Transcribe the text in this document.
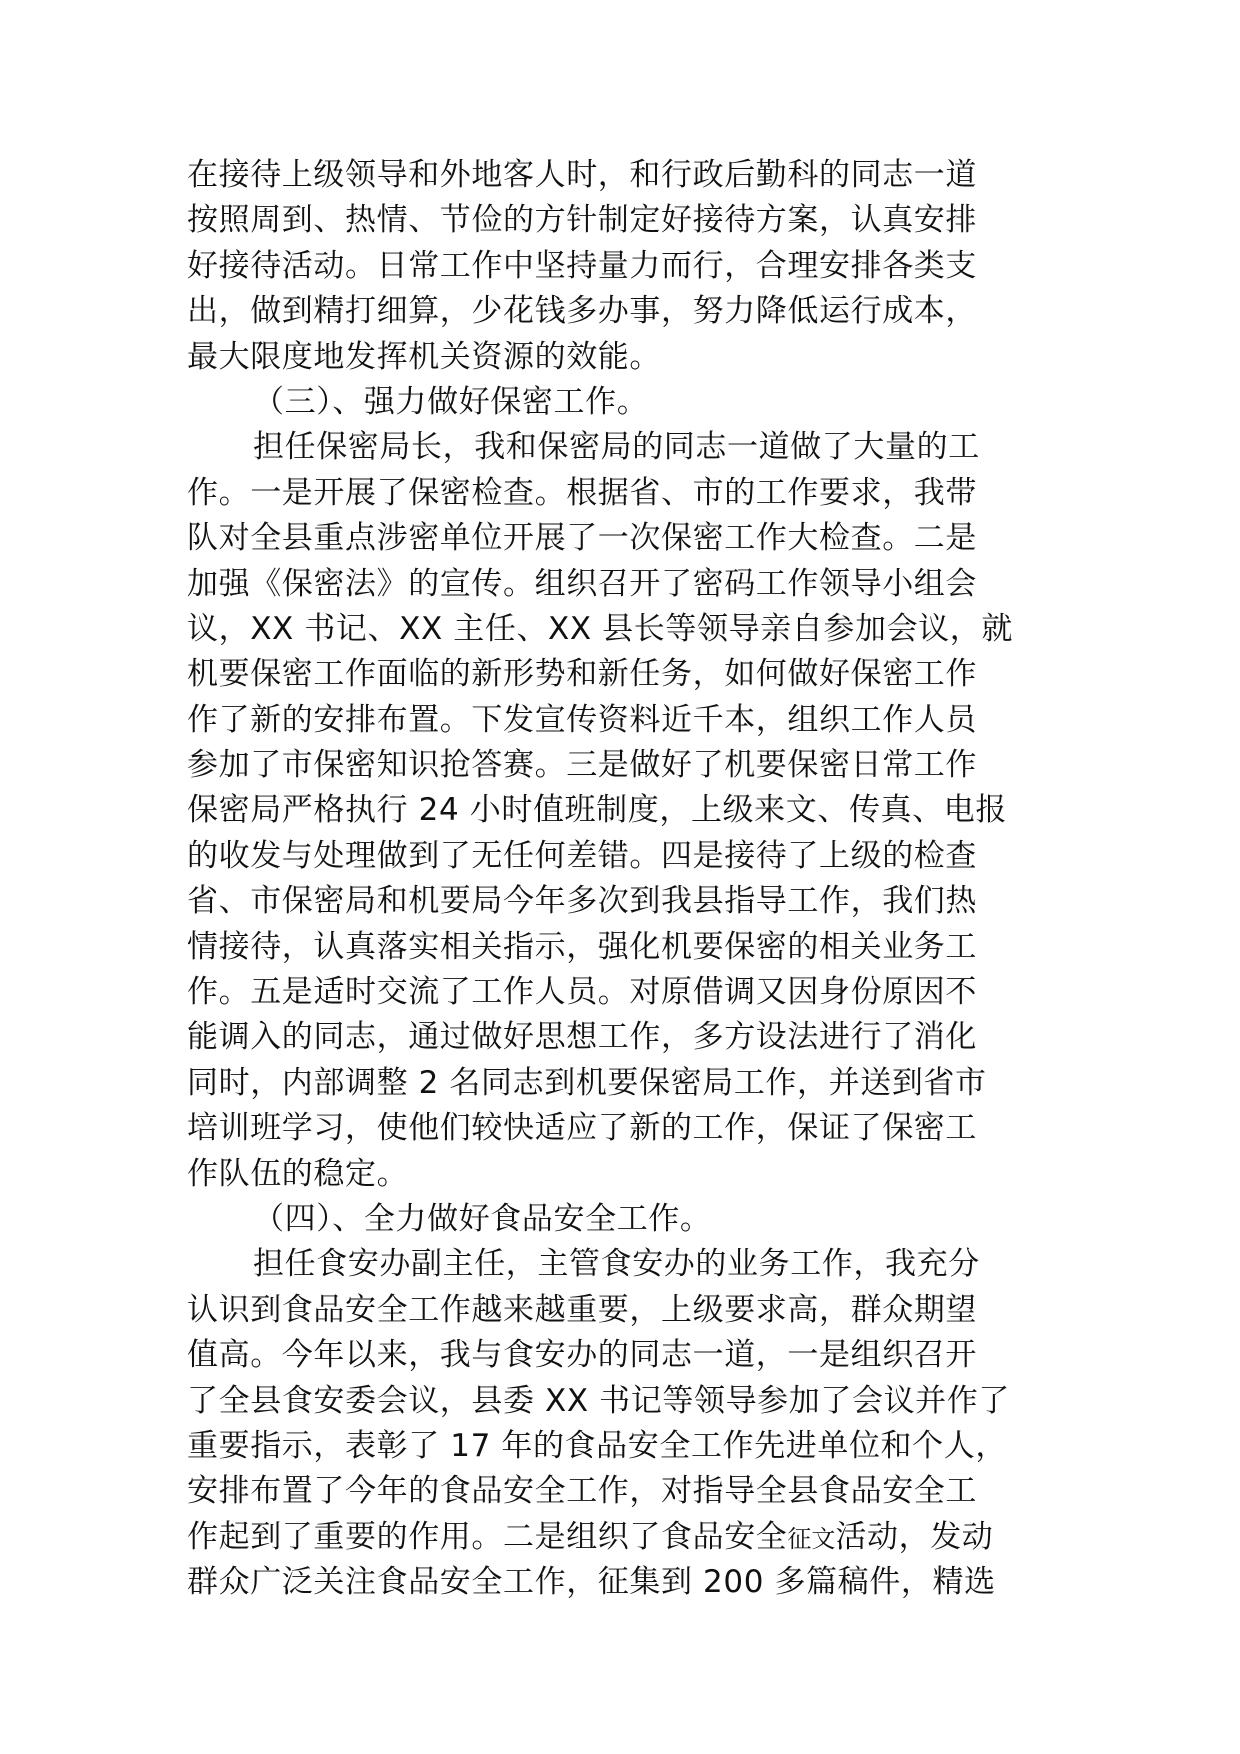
在接待上级领导和外地客人时，和行政后勤科的同志一道
按照周到、热情、节俭的方针制定好接待方案，认真安排
好接待活动。日常工作中坚持量力而行，合理安排各类支
出，做到精打细算，少花钱多办事，努力降低运行成本，
最大限度地发挥机关资源的效能。
（三）、强力做好保密工作。
担任保密局长，我和保密局的同志一道做了大量的工
作。一是开展了保密检查。根据省、市的工作要求，我带
队对全县重点涉密单位开展了一次保密工作大检查。二是
加强《保密法》的宣传。组织召开了密码工作领导小组会
议，XX 书记、XX 主任、XX 县长等领导亲自参加会议，就
机要保密工作面临的新形势和新任务，如何做好保密工作
作了新的安排布置。下发宣传资料近千本，组织工作人员
参加了市保密知识抢答赛。三是做好了机要保密日常工作
保密局严格执行 24 小时值班制度，上级来文、传真、电报
的收发与处理做到了无任何差错。四是接待了上级的检查
省、市保密局和机要局今年多次到我县指导工作，我们热
情接待，认真落实相关指示，强化机要保密的相关业务工
作。五是适时交流了工作人员。对原借调又因身份原因不
能调入的同志，通过做好思想工作，多方设法进行了消化
同时，内部调整 2 名同志到机要保密局工作，并送到省市
培训班学习，使他们较快适应了新的工作，保证了保密工
作队伍的稳定。
（四）、全力做好食品安全工作。
担任食安办副主任，主管食安办的业务工作，我充分
认识到食品安全工作越来越重要，上级要求高，群众期望
值高。今年以来，我与食安办的同志一道，一是组织召开
了全县食安委会议，县委 XX 书记等领导参加了会议并作了
重要指示，表彰了 17 年的食品安全工作先进单位和个人，
安排布置了今年的食品安全工作，对指导全县食品安全工
作起到了重要的作用。二是组织了食品安全征文活动，发动
群众广泛关注食品安全工作，征集到 200 多篇稿件，精选
